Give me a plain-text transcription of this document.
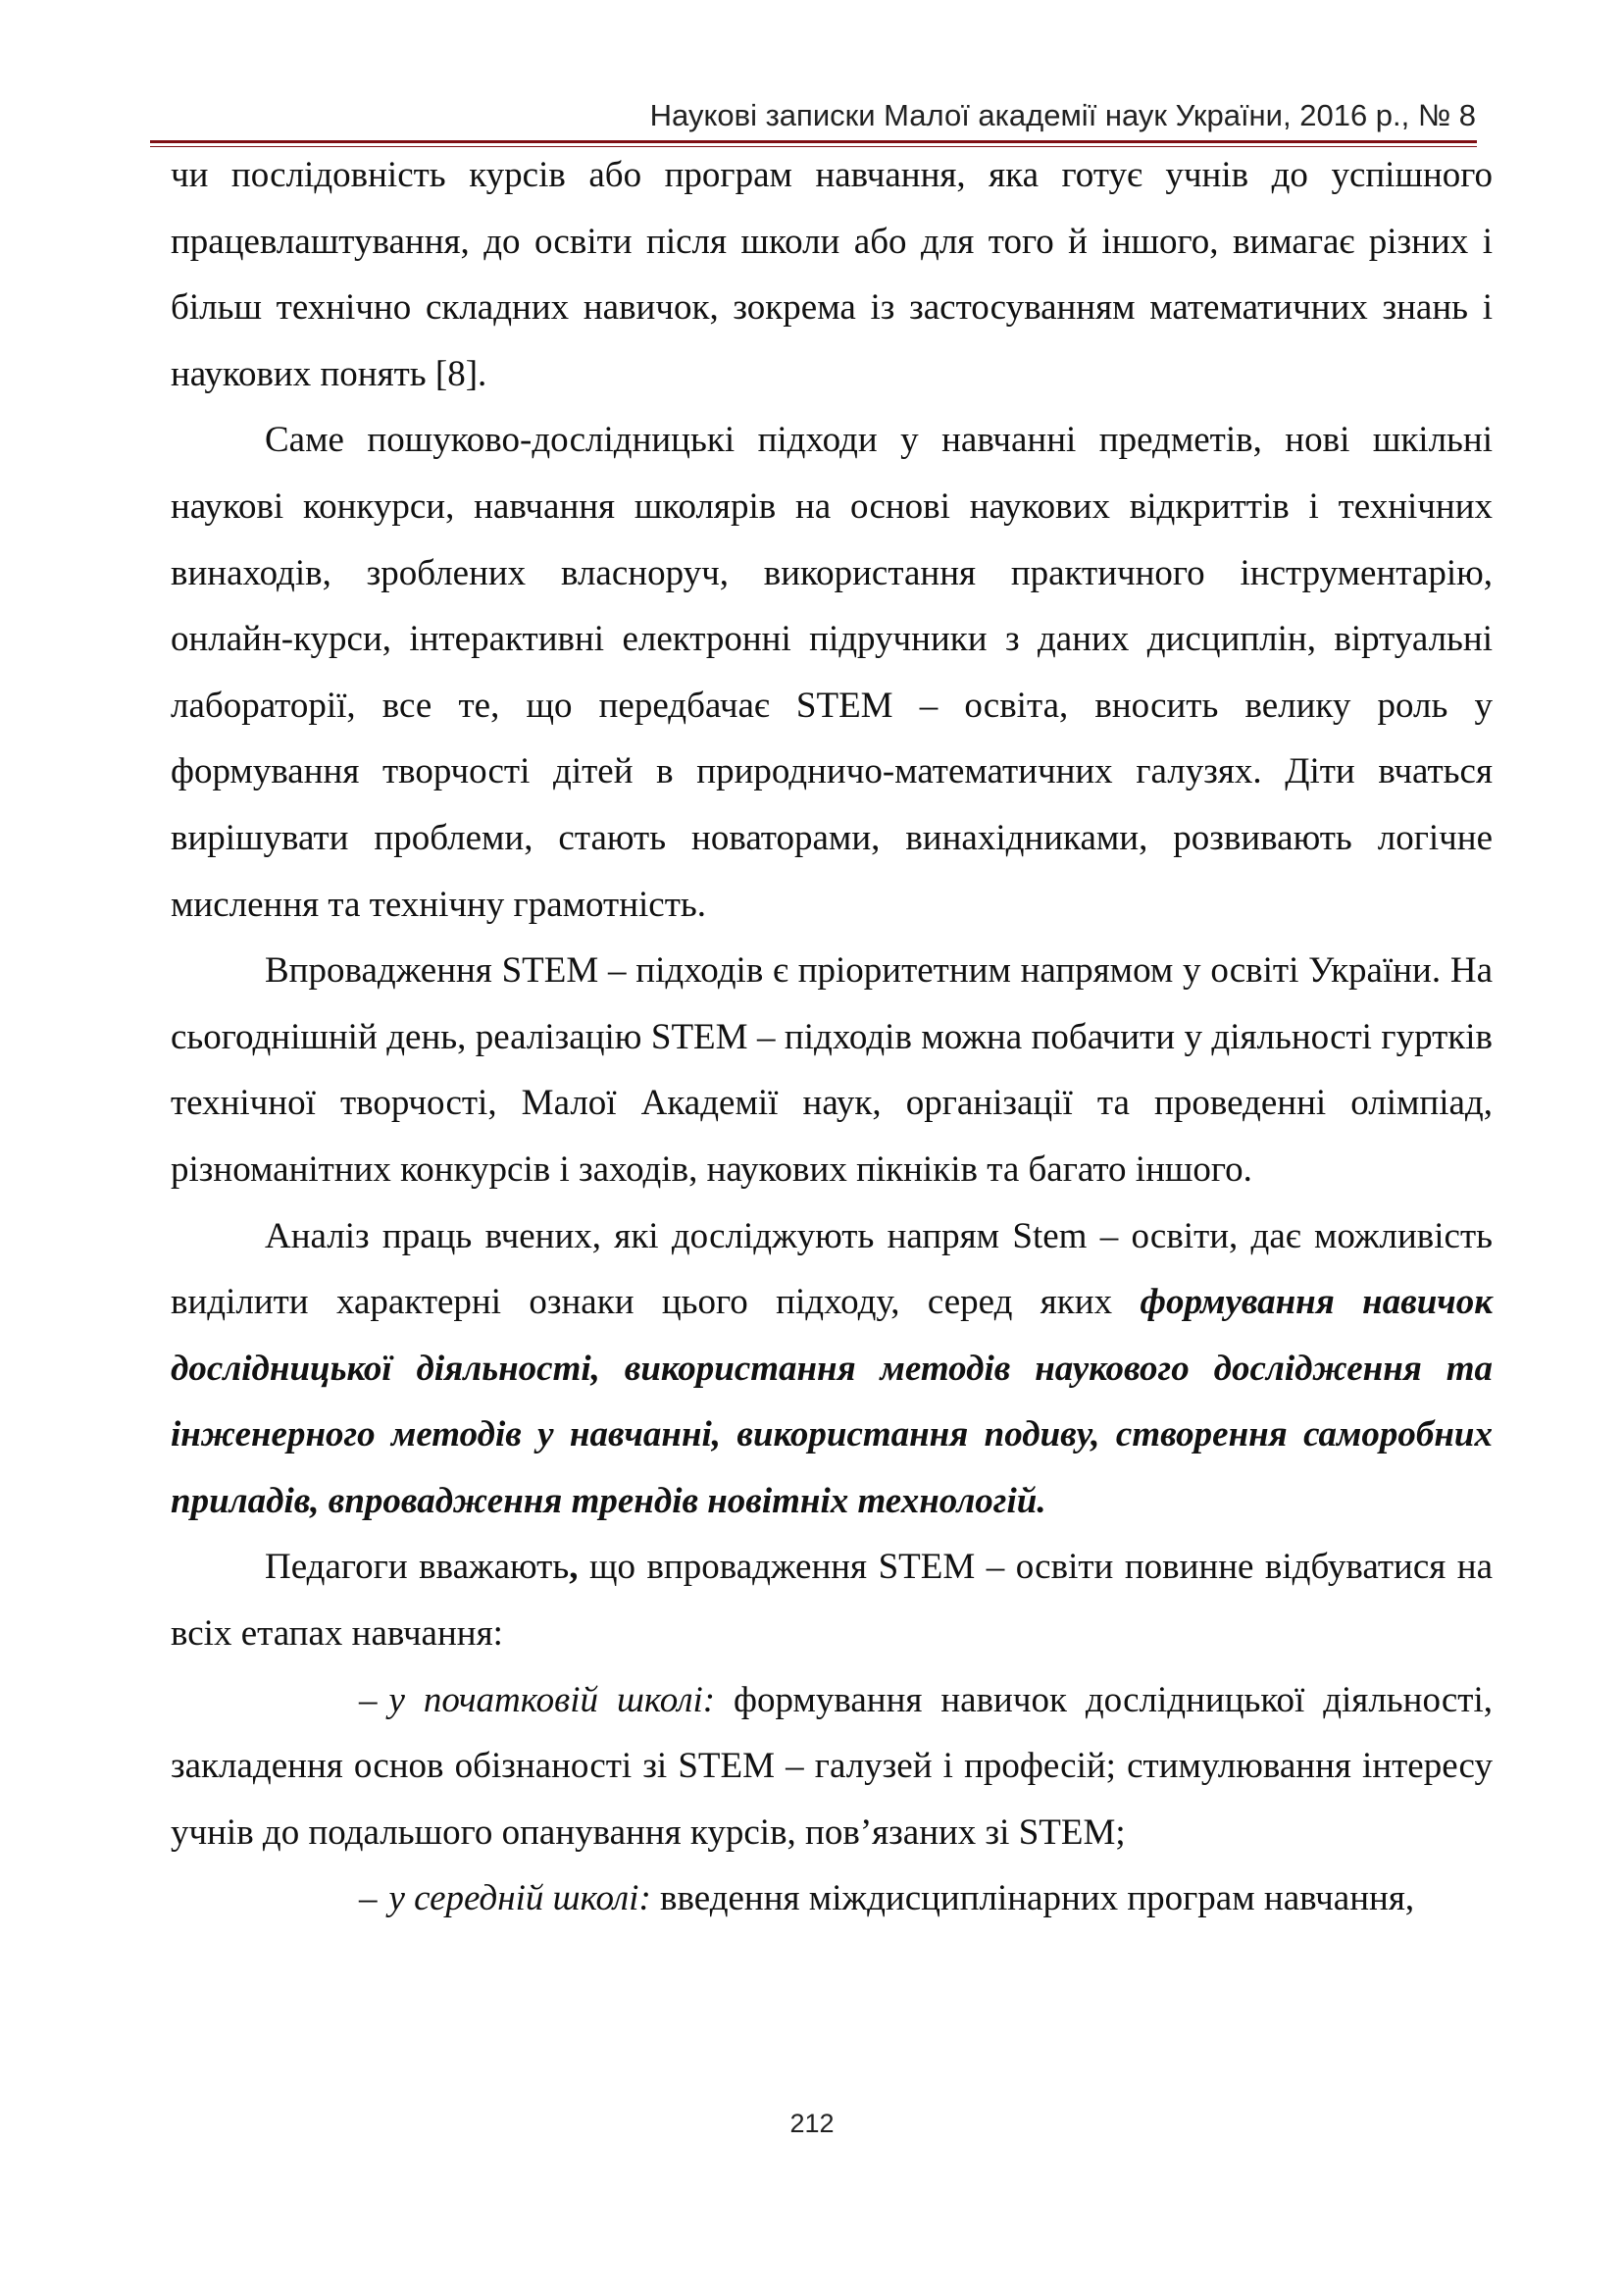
Наукові записки Малої академії наук України, 2016 р., № 8

чи послідовність курсів або програм навчання, яка готує учнів до успішного працевлаштування, до освіти після школи або для того й іншого, вимагає різних і більш технічно складних навичок, зокрема із застосуванням математичних знань і наукових понять [8].

Саме пошуково-дослідницькі підходи у навчанні предметів, нові шкільні наукові конкурси, навчання школярів на основі наукових відкриттів і технічних винаходів, зроблених власноруч, використання практичного інструментарію, онлайн-курси, інтерактивні електронні підручники з даних дисциплін, віртуальні лабораторії, все те, що передбачає STEM – освіта, вносить велику роль у формування творчості дітей в природничо-математичних галузях. Діти вчаться вирішувати проблеми, стають новаторами, винахідниками, розвивають логічне мислення та технічну грамотність.

Впровадження STEM – підходів є пріоритетним напрямом у освіті України. На сьогоднішній день, реалізацію STEM – підходів можна побачити у діяльності гуртків технічної творчості, Малої Академії наук, організації та проведенні олімпіад, різноманітних конкурсів і заходів, наукових пікніків та багато іншого.

Аналіз праць вчених, які досліджують напрям Stem – освіти, дає можливість виділити характерні ознаки цього підходу, серед яких формування навичок дослідницької діяльності, використання методів наукового дослідження та інженерного методів у навчанні, використання подиву, створення саморобних приладів, впровадження трендів новітніх технологій.

Педагоги вважають, що впровадження STEM – освіти повинне відбуватися на всіх етапах навчання:

– у початковій школі: формування навичок дослідницької діяльності, закладення основ обізнаності зі STEM – галузей і професій; стимулювання інтересу учнів до подальшого опанування курсів, пов’язаних зі STEM;

– у середній школі: введення міждисциплінарних програм навчання,

212
